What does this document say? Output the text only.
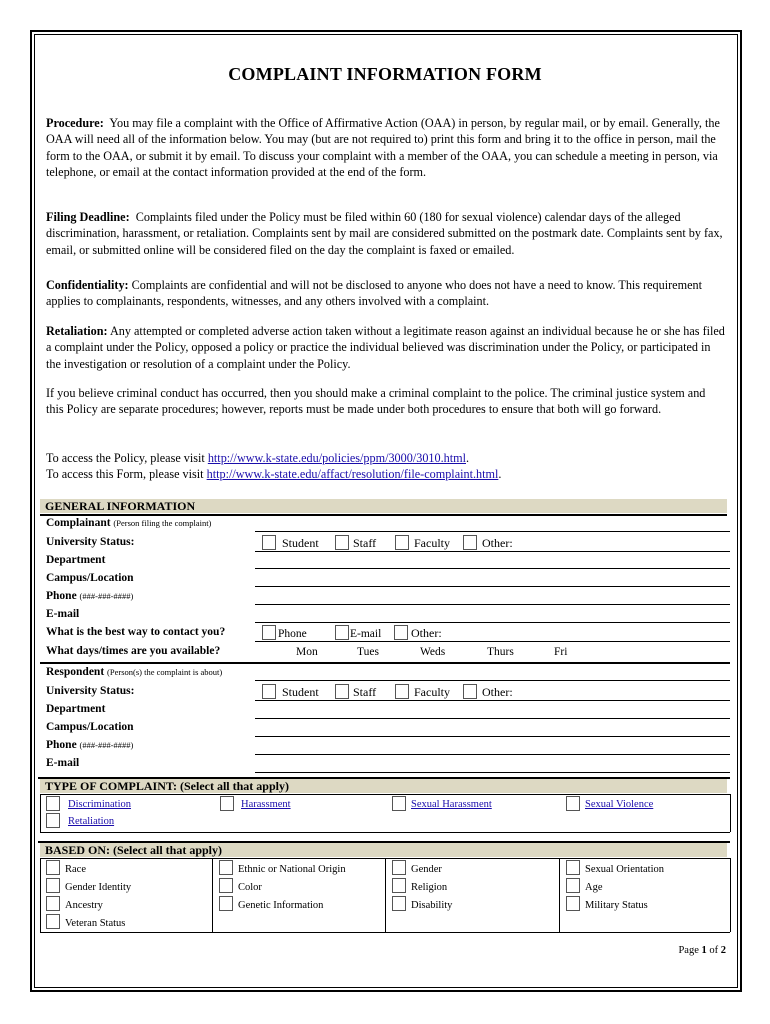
COMPLAINT INFORMATION FORM
Procedure: You may file a complaint with the Office of Affirmative Action (OAA) in person, by regular mail, or by email. Generally, the OAA will need all of the information below. You may (but are not required to) print this form and bring it to the office in person, mail the form to the OAA, or submit it by email. To discuss your complaint with a member of the OAA, you can schedule a meeting in person, via telephone, or email at the contact information provided at the end of the form.
Filing Deadline: Complaints filed under the Policy must be filed within 60 (180 for sexual violence) calendar days of the alleged discrimination, harassment, or retaliation. Complaints sent by mail are considered submitted on the postmark date. Complaints sent by fax, email, or submitted online will be considered filed on the day the complaint is faxed or emailed.
Confidentiality: Complaints are confidential and will not be disclosed to anyone who does not have a need to know. This requirement applies to complainants, respondents, witnesses, and any others involved with a complaint.
Retaliation: Any attempted or completed adverse action taken without a legitimate reason against an individual because he or she has filed a complaint under the Policy, opposed a policy or practice the individual believed was discrimination under the Policy, or participated in the investigation or resolution of a complaint under the Policy.
If you believe criminal conduct has occurred, then you should make a criminal complaint to the police. The criminal justice system and this Policy are separate procedures; however, reports must be made under both procedures to ensure that both will go forward.
To access the Policy, please visit http://www.k-state.edu/policies/ppm/3000/3010.html.
To access this Form, please visit http://www.k-state.edu/affact/resolution/file-complaint.html.
GENERAL INFORMATION
Complainant (Person filing the complaint)
University Status:	Student	Staff	Faculty	Other:
Department
Campus/Location
Phone (###-###-####)
E-mail
What is the best way to contact you?	Phone	E-mail Other:
What days/times are you available?	Mon	Tues	Weds	Thurs	Fri
Respondent (Person(s) the complaint is about)
University Status:	Student	Staff	Faculty	Other:
Department
Campus/Location
Phone (###-###-####)
E-mail
TYPE OF COMPLAINT: (Select all that apply)
Discrimination	Harassment	Sexual Harassment	Sexual Violence
Retaliation
BASED ON: (Select all that apply)
Race	Ethnic or National Origin	Gender	Sexual Orientation
Gender Identity	Color	Religion	Age
Ancestry	Genetic Information	Disability	Military Status
Veteran Status
Page 1 of 2
